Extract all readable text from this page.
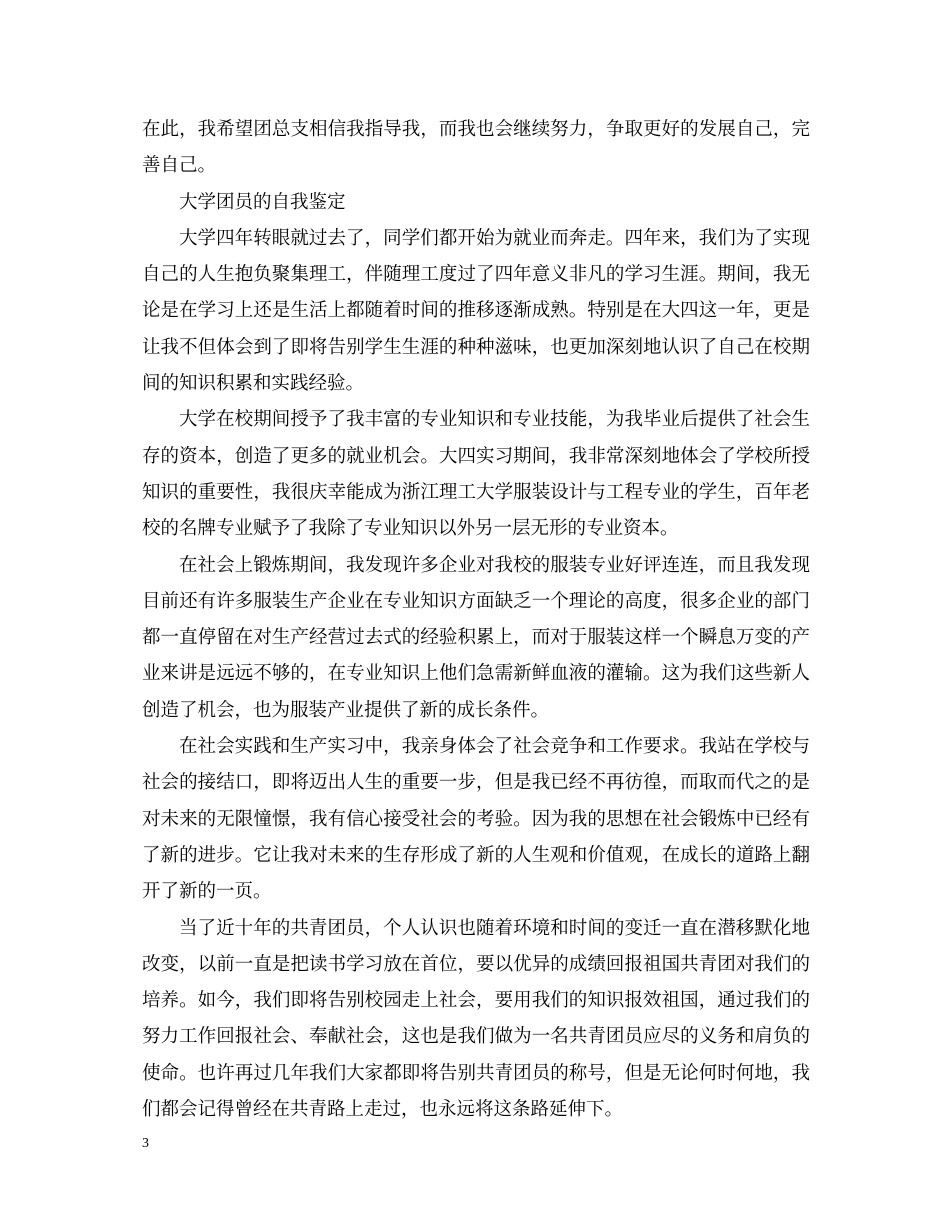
在此，我希望团总支相信我指导我，而我也会继续努力，争取更好的发展自己，完善自己。

大学团员的自我鉴定

大学四年转眼就过去了，同学们都开始为就业而奔走。四年来，我们为了实现自己的人生抱负聚集理工，伴随理工度过了四年意义非凡的学习生涯。期间，我无论是在学习上还是生活上都随着时间的推移逐渐成熟。特别是在大四这一年，更是让我不但体会到了即将告别学生生涯的种种滋味，也更加深刻地认识了自己在校期间的知识积累和实践经验。

大学在校期间授予了我丰富的专业知识和专业技能，为我毕业后提供了社会生存的资本，创造了更多的就业机会。大四实习期间，我非常深刻地体会了学校所授知识的重要性，我很庆幸能成为浙江理工大学服装设计与工程专业的学生，百年老校的名牌专业赋予了我除了专业知识以外另一层无形的专业资本。

在社会上锻炼期间，我发现许多企业对我校的服装专业好评连连，而且我发现目前还有许多服装生产企业在专业知识方面缺乏一个理论的高度，很多企业的部门都一直停留在对生产经营过去式的经验积累上，而对于服装这样一个瞬息万变的产业来讲是远远不够的，在专业知识上他们急需新鲜血液的灌输。这为我们这些新人创造了机会，也为服装产业提供了新的成长条件。

在社会实践和生产实习中，我亲身体会了社会竞争和工作要求。我站在学校与社会的接结口，即将迈出人生的重要一步，但是我已经不再彷徨，而取而代之的是对未来的无限憧憬，我有信心接受社会的考验。因为我的思想在社会锻炼中已经有了新的进步。它让我对未来的生存形成了新的人生观和价值观，在成长的道路上翻开了新的一页。

当了近十年的共青团员，个人认识也随着环境和时间的变迁一直在潜移默化地改变，以前一直是把读书学习放在首位，要以优异的成绩回报祖国共青团对我们的培养。如今，我们即将告别校园走上社会，要用我们的知识报效祖国，通过我们的努力工作回报社会、奉献社会，这也是我们做为一名共青团员应尽的义务和肩负的使命。也许再过几年我们大家都即将告别共青团员的称号，但是无论何时何地，我们都会记得曾经在共青路上走过，也永远将这条路延伸下。

3
